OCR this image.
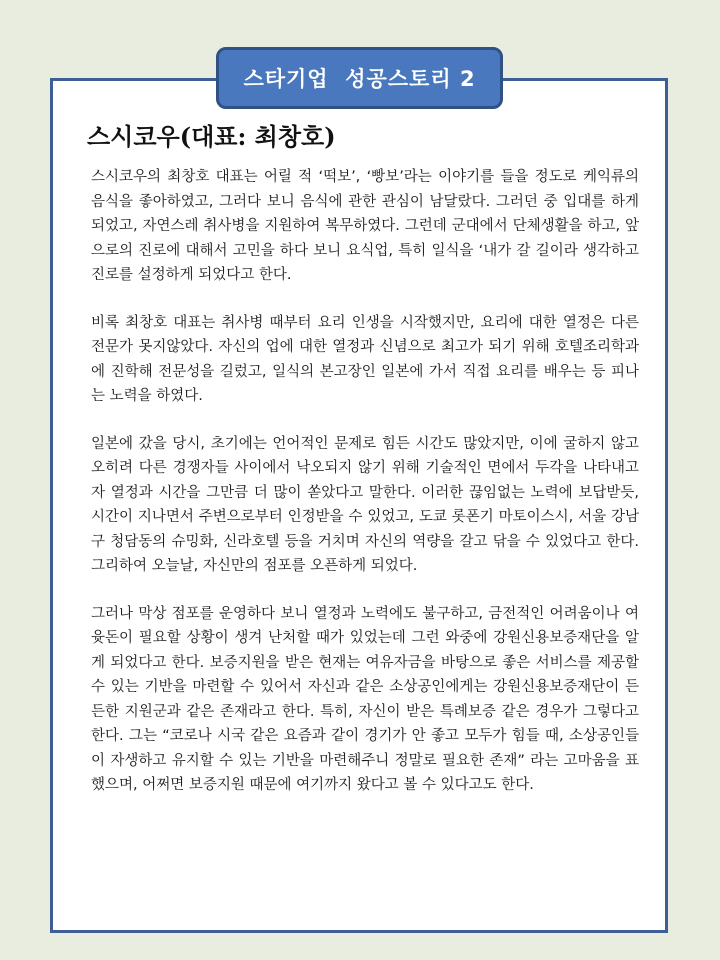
스타기업  성공스토리 2
스시코우(대표: 최창호)

스시코우의 최창호 대표는 어릴 적 ‘떡보’, ‘빵보’라는 이야기를 들을 정도로 케익류의 음식을 좋아하였고, 그러다 보니 음식에 관한 관심이 남달랐다. 그러던 중 입대를 하게 되었고, 자연스레 취사병을 지원하여 복무하였다. 그런데 군대에서 단체생활을 하고, 앞으로의 진로에 대해서 고민을 하다 보니 요식업, 특히 일식을 ‘내가 갈 길이라 생각하고 진로를 설정하게 되었다고 한다.

비록 최창호 대표는 취사병 때부터 요리 인생을 시작했지만, 요리에 대한 열정은 다른 전문가 못지않았다. 자신의 업에 대한 열정과 신념으로 최고가 되기 위해 호텔조리학과에 진학해 전문성을 길렀고, 일식의 본고장인 일본에 가서 직접 요리를 배우는 등 피나는 노력을 하였다.

일본에 갔을 당시, 초기에는 언어적인 문제로 힘든 시간도 많았지만, 이에 굴하지 않고 오히려 다른 경쟁자들 사이에서 낙오되지 않기 위해 기술적인 면에서 두각을 나타내고자 열정과 시간을 그만큼 더 많이 쏟았다고 말한다. 이러한 끊임없는 노력에 보답받듯, 시간이 지나면서 주변으로부터 인정받을 수 있었고, 도쿄 롯폰기 마토이스시, 서울 강남구 청담동의 슈밍화, 신라호텔 등을 거치며 자신의 역량을 갈고 닦을 수 있었다고 한다. 그리하여 오늘날, 자신만의 점포를 오픈하게 되었다.

그러나 막상 점포를 운영하다 보니 열정과 노력에도 불구하고, 금전적인 어려움이나 여윳돈이 필요할 상황이 생겨 난처할 때가 있었는데 그런 와중에 강원신용보증재단을 알게 되었다고 한다. 보증지원을 받은 현재는 여유자금을 바탕으로 좋은 서비스를 제공할 수 있는 기반을 마련할 수 있어서 자신과 같은 소상공인에게는 강원신용보증재단이 든든한 지원군과 같은 존재라고 한다. 특히, 자신이 받은 특례보증 같은 경우가 그렇다고 한다. 그는 “코로나 시국 같은 요즘과 같이 경기가 안 좋고 모두가 힘들 때, 소상공인들이 자생하고 유지할 수 있는 기반을 마련해주니 정말로 필요한 존재” 라는 고마움을 표했으며, 어쩌면 보증지원 때문에 여기까지 왔다고 볼 수 있다고도 한다.
